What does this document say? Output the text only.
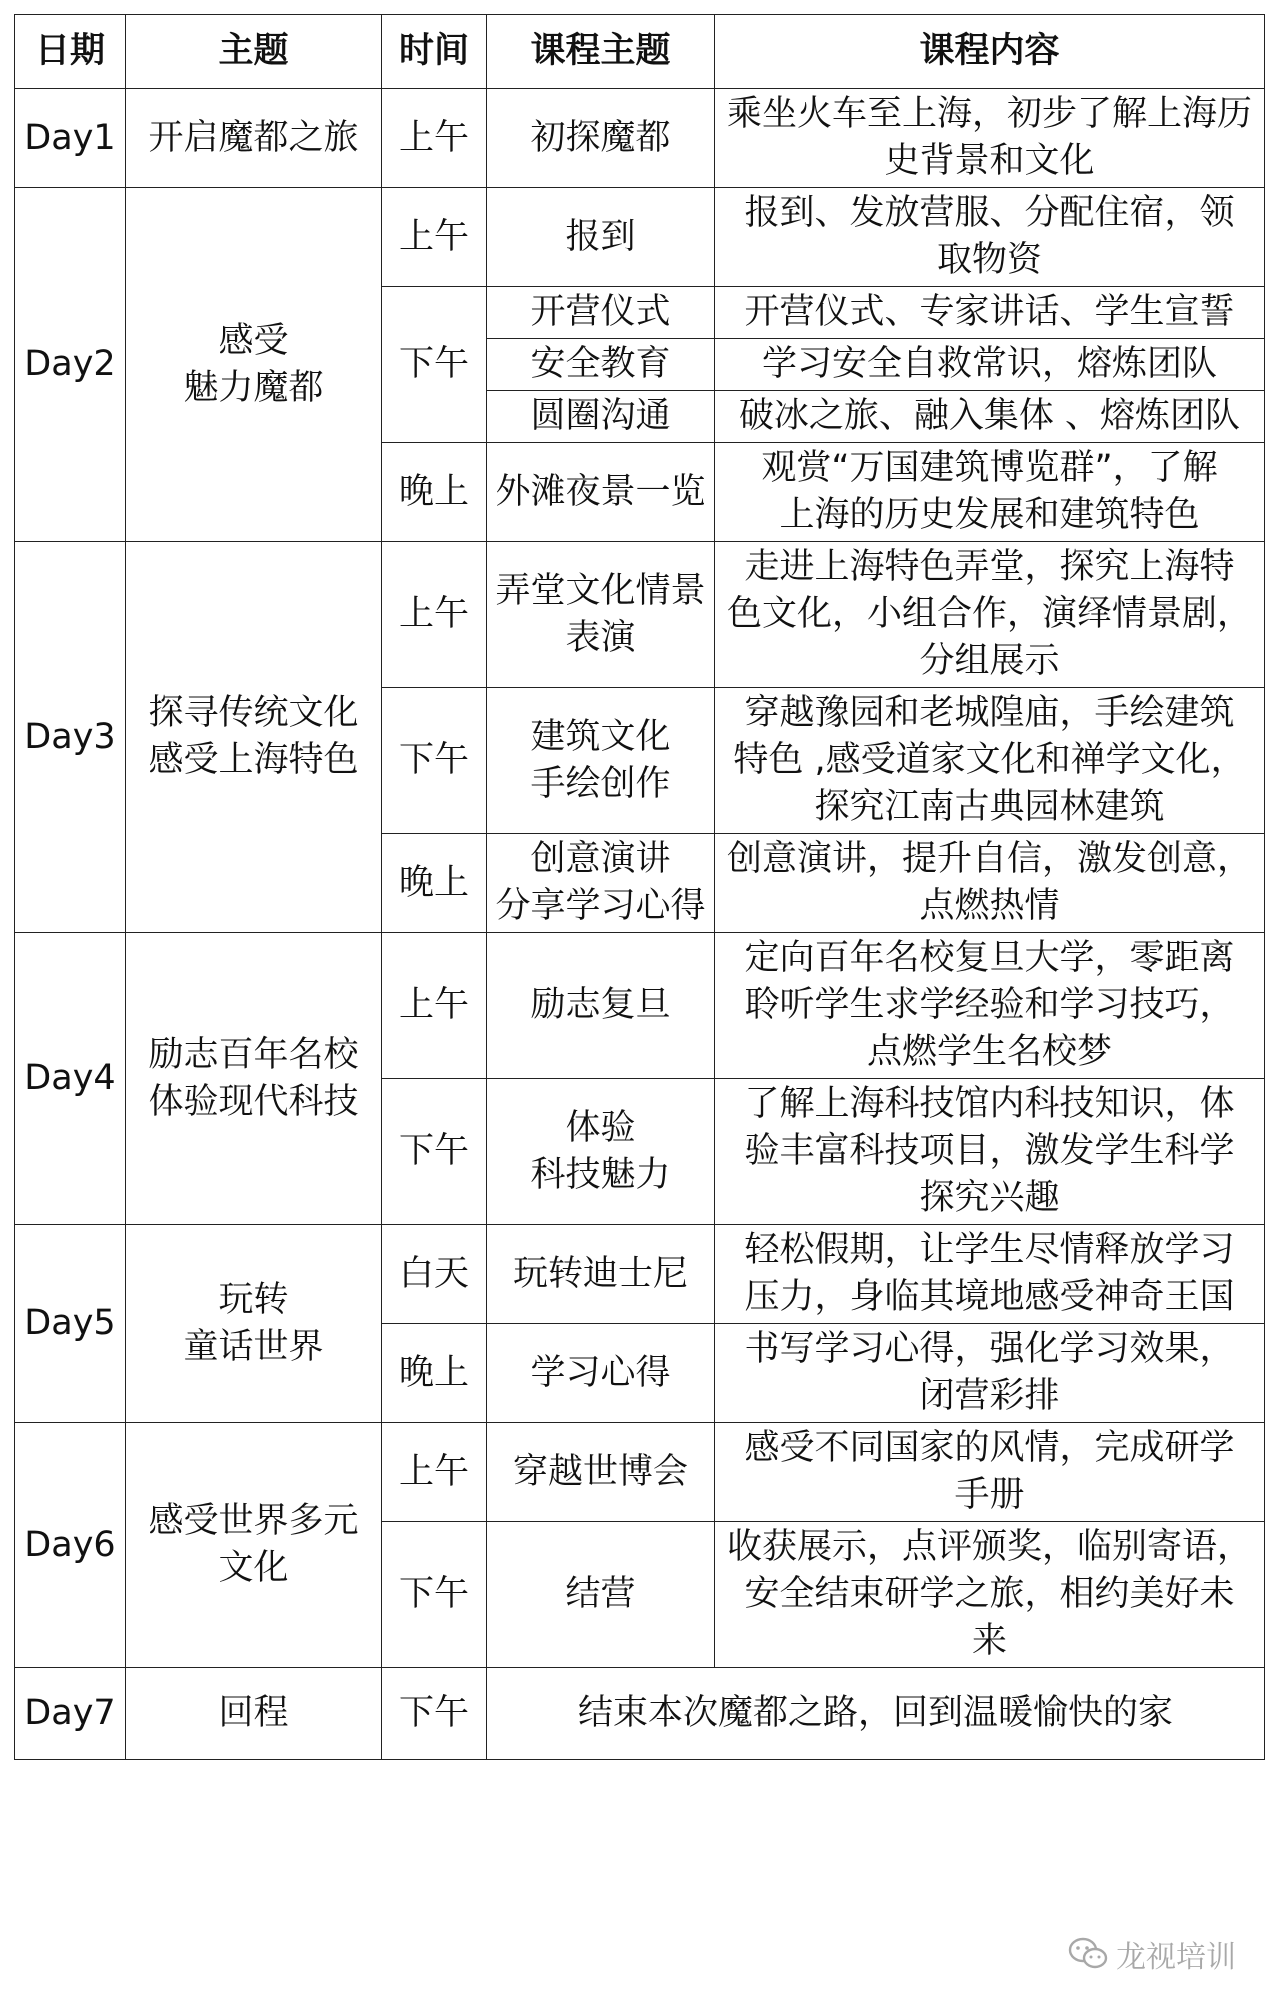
日期	主题	时间	课程主题	课程内容
Day1	开启魔都之旅	上午	初探魔都	乘坐火车至上海，初步了解上海历
史背景和文化

Day2	感受
魅力魔都	上午	报到	报到、发放营服、分配住宿，领
取物资

		下午	开营仪式	开营仪式、专家讲话、学生宣誓

			安全教育	学习安全自救常识，熔炼团队

			圆圈沟通	破冰之旅、融入集体 、熔炼团队

		晚上	外滩夜景一览	观赏“万国建筑博览群”，了解
上海的历史发展和建筑特色

Day3	探寻传统文化
感受上海特色	上午	弄堂文化情景
表演	走进上海特色弄堂，探究上海特
色文化，小组合作，演绎情景剧，
分组展示

		下午	建筑文化
手绘创作	穿越豫园和老城隍庙，手绘建筑
特色 ,感受道家文化和禅学文化，
探究江南古典园林建筑

		晚上	创意演讲
分享学习心得	创意演讲，提升自信，激发创意，
点燃热情

Day4	励志百年名校
体验现代科技	上午	励志复旦	定向百年名校复旦大学，零距离
聆听学生求学经验和学习技巧，
点燃学生名校梦

		下午	体验
科技魅力	了解上海科技馆内科技知识，体
验丰富科技项目，激发学生科学
探究兴趣

Day5	玩转
童话世界	白天	玩转迪士尼	轻松假期，让学生尽情释放学习
压力，身临其境地感受神奇王国

		晚上	学习心得	书写学习心得，强化学习效果，
闭营彩排

Day6	感受世界多元
文化	上午	穿越世博会	感受不同国家的风情，完成研学
手册

		下午	结营	收获展示，点评颁奖，临别寄语，
安全结束研学之旅，相约美好未
来

Day7	回程	下午	结束本次魔都之路，回到温暖愉快的家	
龙视培训
